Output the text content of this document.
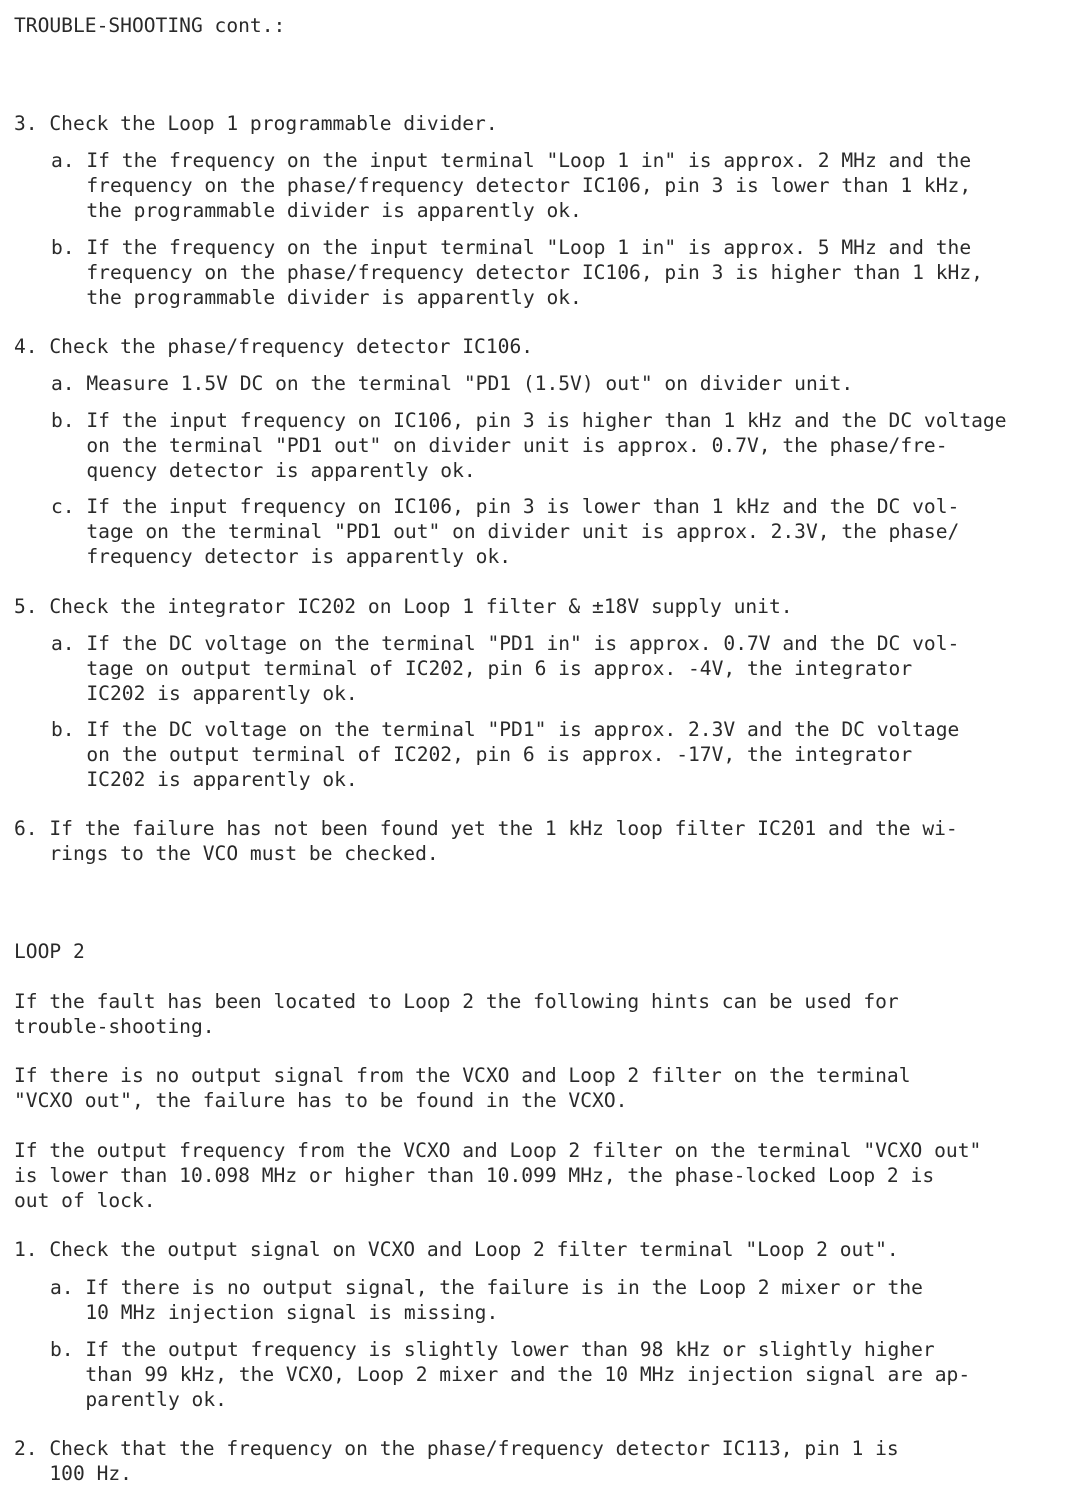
TROUBLE-SHOOTING cont.:
3. Check the Loop 1 programmable divider.
a. If the frequency on the input terminal "Loop 1 in" is approx. 2 MHz and the
frequency on the phase/frequency detector IC106, pin 3 is lower than 1 kHz,
the programmable divider is apparently ok.
b. If the frequency on the input terminal "Loop 1 in" is approx. 5 MHz and the
frequency on the phase/frequency detector IC106, pin 3 is higher than 1 kHz,
the programmable divider is apparently ok.
4. Check the phase/frequency detector IC106.
a. Measure 1.5V DC on the terminal "PD1 (1.5V) out" on divider unit.
b. If the input frequency on IC106, pin 3 is higher than 1 kHz and the DC voltage
on the terminal "PD1 out" on divider unit is approx. 0.7V, the phase/fre-
quency detector is apparently ok.
c. If the input frequency on IC106, pin 3 is lower than 1 kHz and the DC vol-
tage on the terminal "PD1 out" on divider unit is approx. 2.3V, the phase/
frequency detector is apparently ok.
5. Check the integrator IC202 on Loop 1 filter & ±18V supply unit.
a. If the DC voltage on the terminal "PD1 in" is approx. 0.7V and the DC vol-
tage on output terminal of IC202, pin 6 is approx. -4V, the integrator
IC202 is apparently ok.
b. If the DC voltage on the terminal "PD1" is approx. 2.3V and the DC voltage
on the output terminal of IC202, pin 6 is approx. -17V, the integrator
IC202 is apparently ok.
6. If the failure has not been found yet the 1 kHz loop filter IC201 and the wi-
rings to the VCO must be checked.
LOOP 2
If the fault has been located to Loop 2 the following hints can be used for
trouble-shooting.
If there is no output signal from the VCXO and Loop 2 filter on the terminal
"VCXO out", the failure has to be found in the VCXO.
If the output frequency from the VCXO and Loop 2 filter on the terminal "VCXO out"
is lower than 10.098 MHz or higher than 10.099 MHz, the phase-locked Loop 2 is
out of lock.
1. Check the output signal on VCXO and Loop 2 filter terminal "Loop 2 out".
a. If there is no output signal, the failure is in the Loop 2 mixer or the
10 MHz injection signal is missing.
b. If the output frequency is slightly lower than 98 kHz or slightly higher
than 99 kHz, the VCXO, Loop 2 mixer and the 10 MHz injection signal are ap-
parently ok.
2. Check that the frequency on the phase/frequency detector IC113, pin 1 is
100 Hz.
